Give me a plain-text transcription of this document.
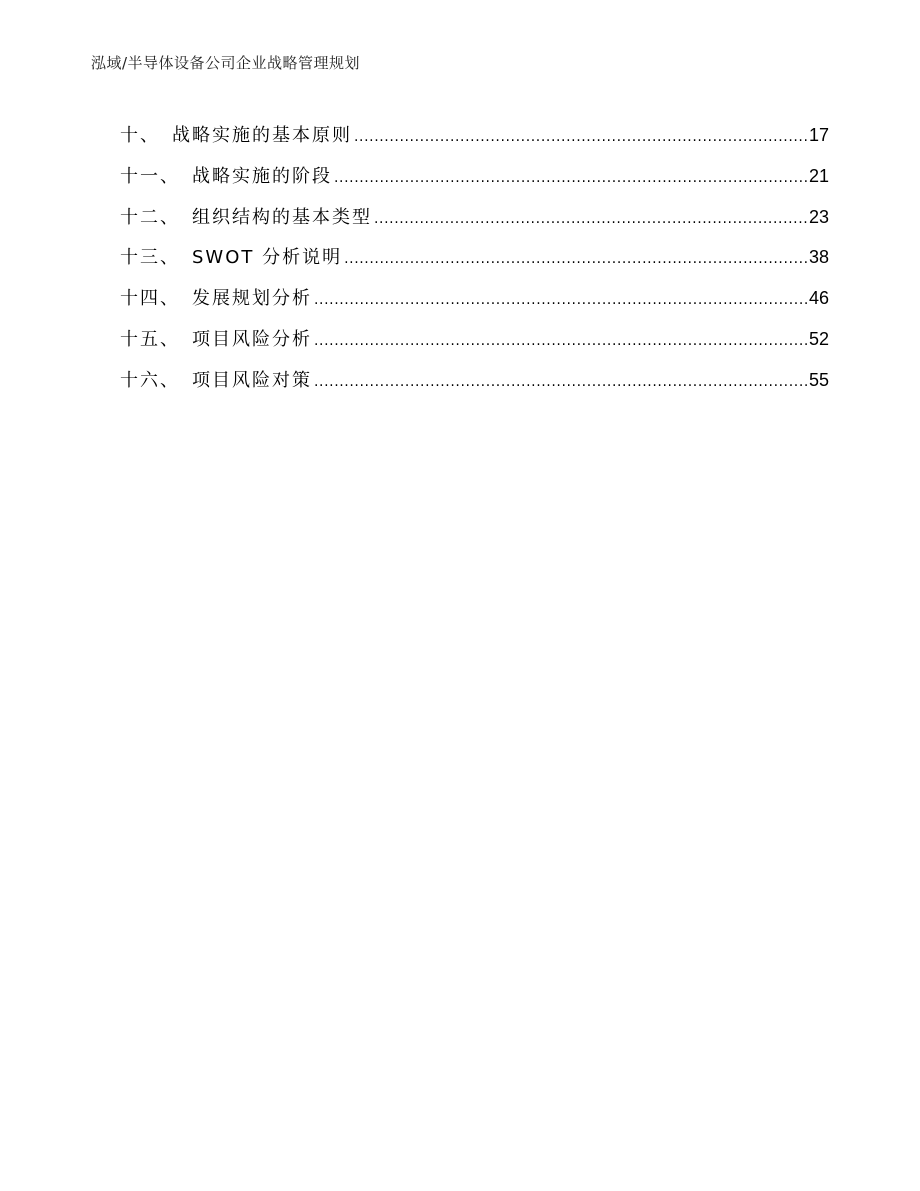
泓域/半导体设备公司企业战略管理规划
十、 战略实施的基本原则 .....	17
十一、 战略实施的阶段 .....	21
十二、 组织结构的基本类型 .....	23
十三、 SWOT 分析说明 .....	38
十四、 发展规划分析 .....	46
十五、 项目风险分析 .....	52
十六、 项目风险对策 .....	55
